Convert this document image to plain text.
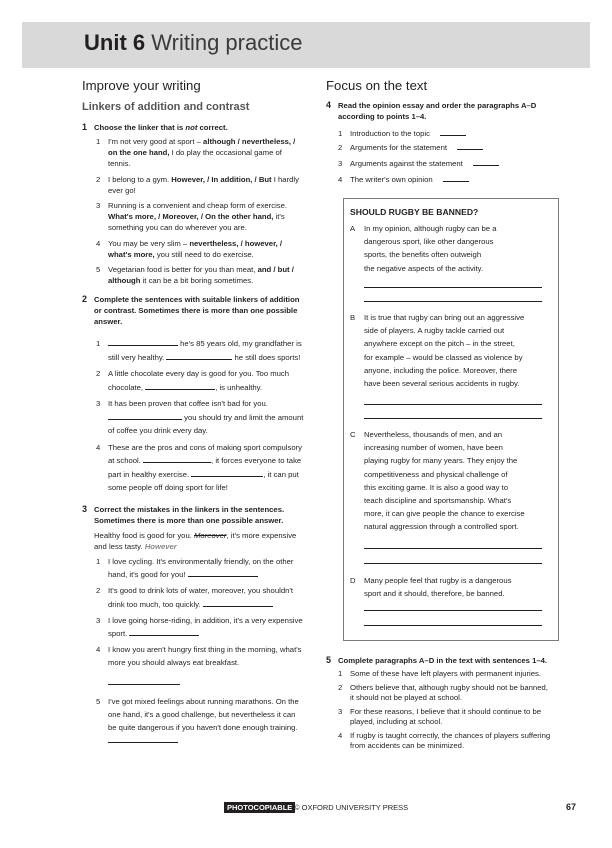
Unit 6 Writing practice
Improve your writing
Linkers of addition and contrast
1 Choose the linker that is not correct.
1 I'm not very good at sport – although / nevertheless, / on the one hand, I do play the occasional game of tennis.
2 I belong to a gym. However, / In addition, / But I hardly ever go!
3 Running is a convenient and cheap form of exercise. What's more, / Moreover, / On the other hand, it's something you can do wherever you are.
4 You may be very slim – nevertheless, / however, / what's more, you still need to do exercise.
5 Vegetarian food is better for you than meat, and / but / although it can be a bit boring sometimes.
2 Complete the sentences with suitable linkers of addition or contrast. Sometimes there is more than one possible answer.
1	he's 85 years old, my grandfather is still very healthy.	he still does sports!
2 A little chocolate every day is good for you. Too much chocolate,	, is unhealthy.
3 It has been proven that coffee isn't bad for you.  you should try and limit the amount of coffee you drink every day.
4 These are the pros and cons of making sport compulsory at school.	, it forces everyone to take part in healthy exercise.	, it can put some people off doing sport for life!
3 Correct the mistakes in the linkers in the sentences. Sometimes there is more than one possible answer.
Healthy food is good for you. Moreover, it's more expensive and less tasty. However
1 I love cycling. It's environmentally friendly, on the other hand, it's good for you!
2 It's good to drink lots of water, moreover, you shouldn't drink too much, too quickly.
3 I love going horse-riding, in addition, it's a very expensive sport.
4 I know you aren't hungry first thing in the morning, what's more you should always eat breakfast.

5 I've got mixed feelings about running marathons. On the one hand, it's a good challenge, but nevertheless it can be quite dangerous if you haven't done enough training.
Focus on the text
4 Read the opinion essay and order the paragraphs A–D according to points 1–4.
1 Introduction to the topic
2 Arguments for the statement
3 Arguments against the statement
4 The writer's own opinion
SHOULD RUGBY BE BANNED?
A In my opinion, although rugby can be a
dangerous sport, like other dangerous
sports, the benefits often outweigh
the negative aspects of the activity.
B It is true that rugby can bring out an aggressive
side of players. A rugby tackle carried out
anywhere except on the pitch – in the street,
for example – would be classed as violence by
anyone, including the police. Moreover, there
have been several serious accidents in rugby.
C Nevertheless, thousands of men, and an
increasing number of women, have been
playing rugby for many years. They enjoy the
competitiveness and physical challenge of
this exciting game. It is also a good way to
teach discipline and sportsmanship. What's
more, it can give people the chance to exercise
natural aggression through a controlled sport.
D Many people feel that rugby is a dangerous
sport and it should, therefore, be banned.
5 Complete paragraphs A–D in the text with sentences 1–4.
1 Some of these have left players with permanent injuries.
2 Others believe that, although rugby should not be banned, it should not be played at school.
3 For these reasons, I believe that it should continue to be played, including at school.
4 If rugby is taught correctly, the chances of players suffering from accidents can be minimized.
PHOTOCOPIABLE © OXFORD UNIVERSITY PRESS	67
